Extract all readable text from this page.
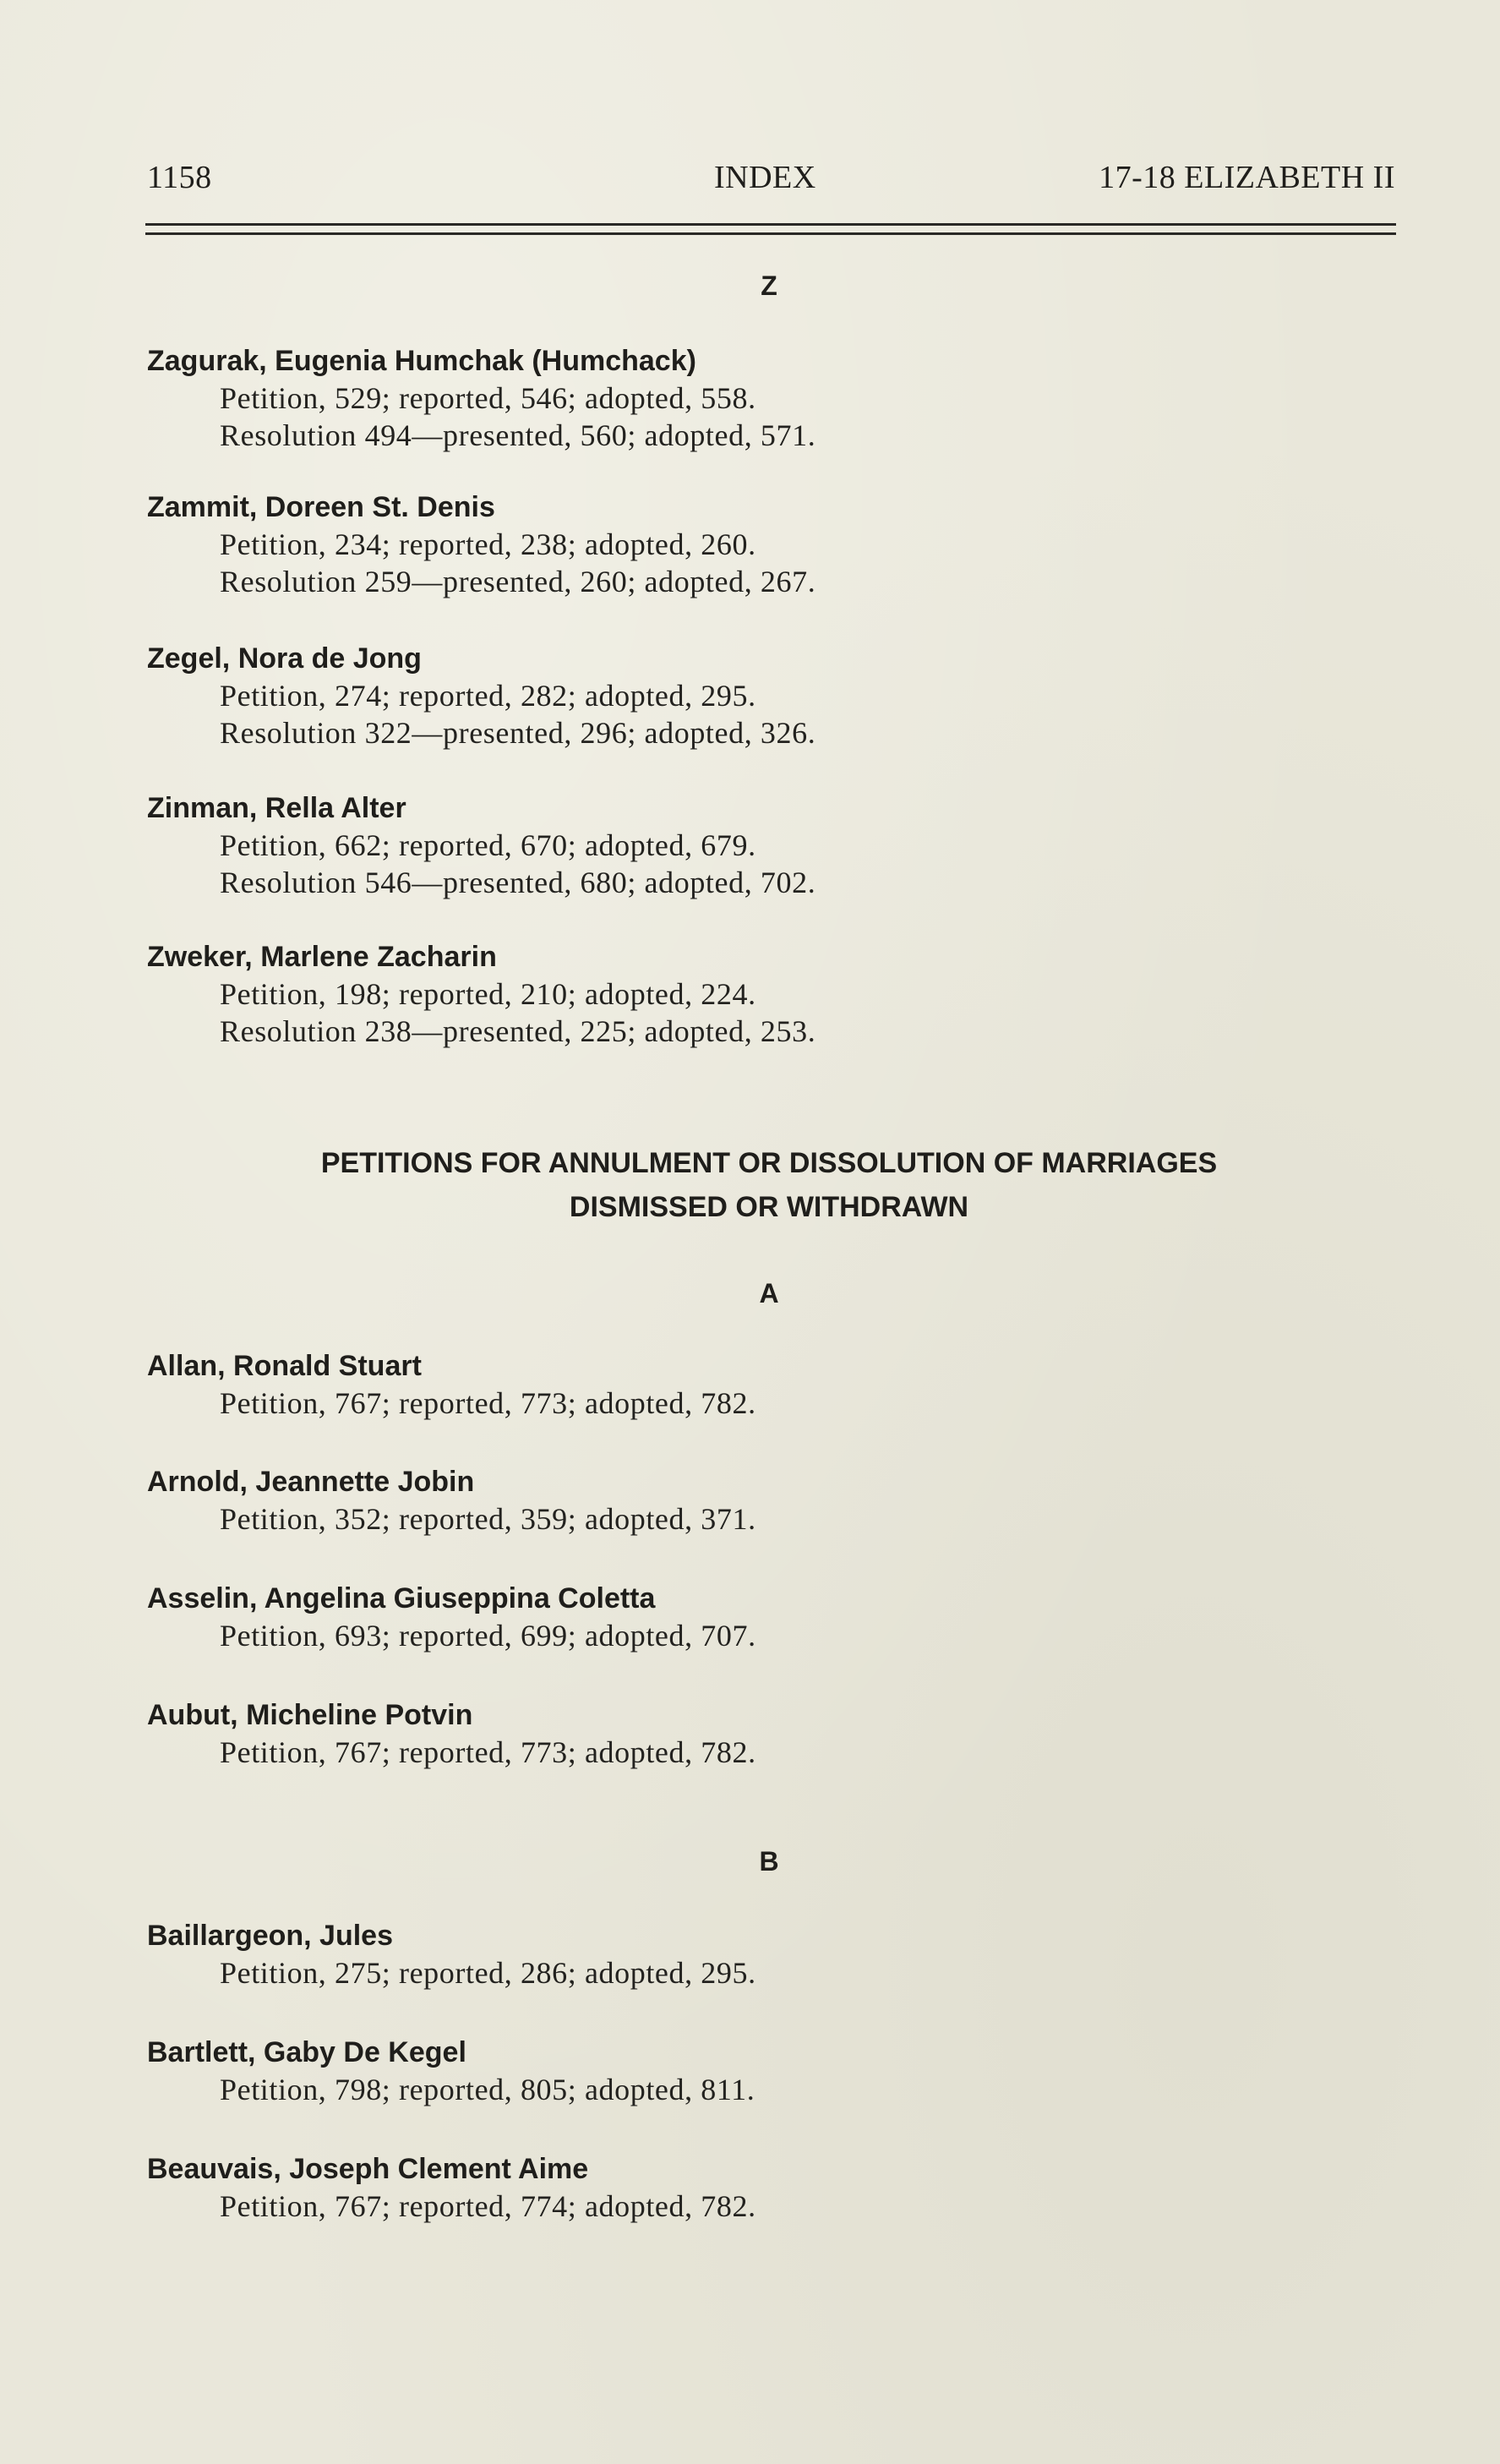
1158	INDEX	17-18 ELIZABETH II
Z
Zagurak, Eugenia Humchak (Humchack)
Petition, 529; reported, 546; adopted, 558.
Resolution 494—presented, 560; adopted, 571.
Zammit, Doreen St. Denis
Petition, 234; reported, 238; adopted, 260.
Resolution 259—presented, 260; adopted, 267.
Zegel, Nora de Jong
Petition, 274; reported, 282; adopted, 295.
Resolution 322—presented, 296; adopted, 326.
Zinman, Rella Alter
Petition, 662; reported, 670; adopted, 679.
Resolution 546—presented, 680; adopted, 702.
Zweker, Marlene Zacharin
Petition, 198; reported, 210; adopted, 224.
Resolution 238—presented, 225; adopted, 253.
PETITIONS FOR ANNULMENT OR DISSOLUTION OF MARRIAGES
DISMISSED OR WITHDRAWN
A
Allan, Ronald Stuart
Petition, 767; reported, 773; adopted, 782.
Arnold, Jeannette Jobin
Petition, 352; reported, 359; adopted, 371.
Asselin, Angelina Giuseppina Coletta
Petition, 693; reported, 699; adopted, 707.
Aubut, Micheline Potvin
Petition, 767; reported, 773; adopted, 782.
B
Baillargeon, Jules
Petition, 275; reported, 286; adopted, 295.
Bartlett, Gaby De Kegel
Petition, 798; reported, 805; adopted, 811.
Beauvais, Joseph Clement Aime
Petition, 767; reported, 774; adopted, 782.
